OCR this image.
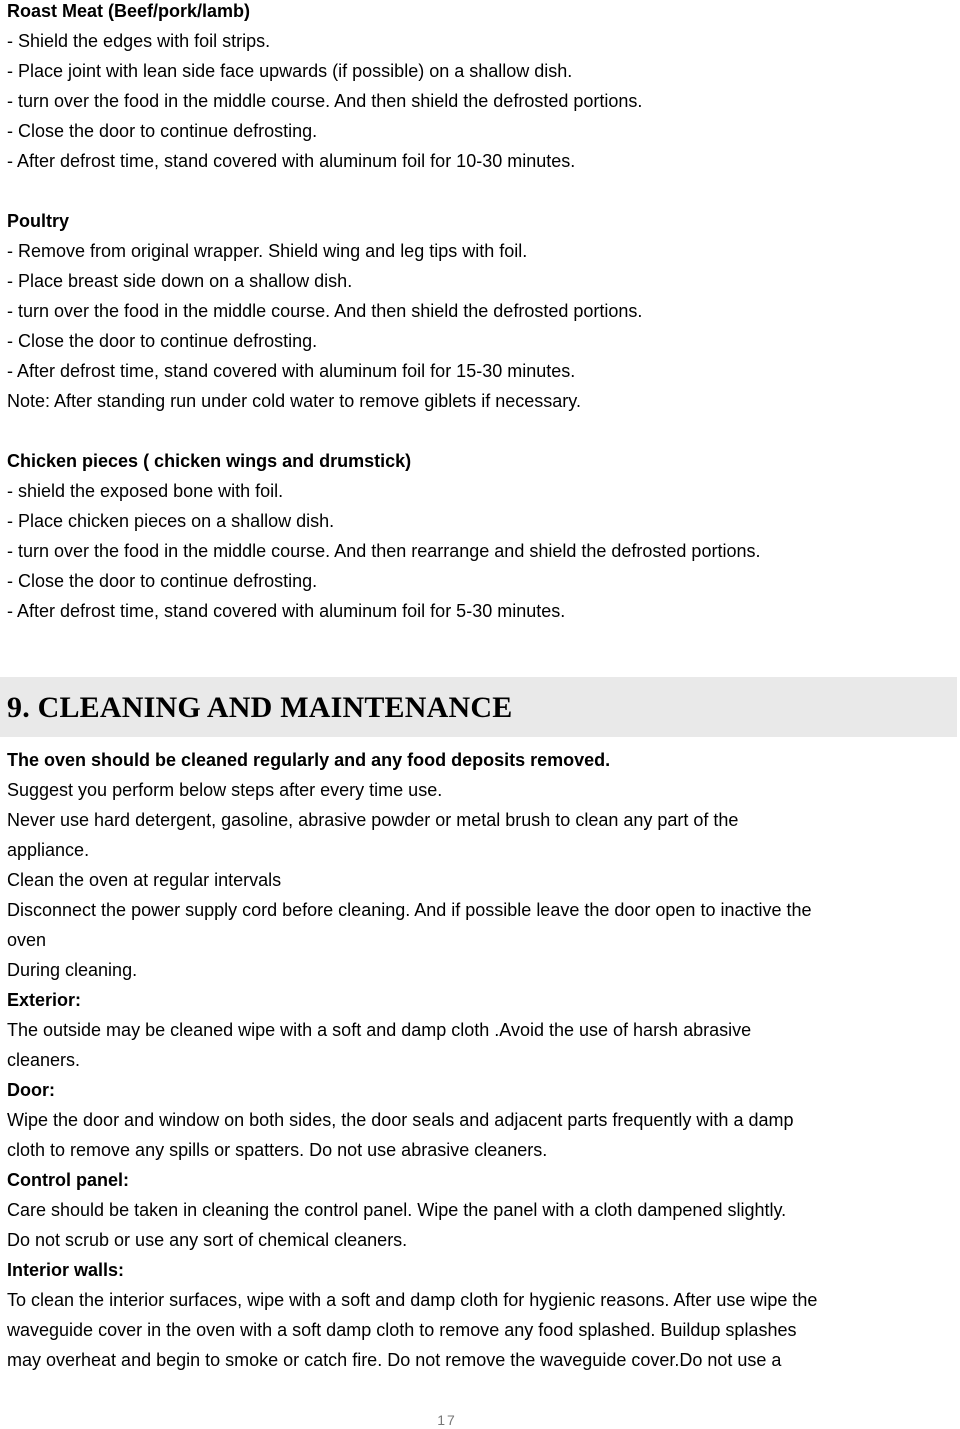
Roast Meat (Beef/pork/lamb)
- Shield the edges with foil strips.
- Place joint with lean side face upwards (if possible) on a shallow dish.
- turn over the food in the middle course. And then shield the defrosted portions.
- Close the door to continue defrosting.
- After defrost time, stand covered with aluminum foil for 10-30 minutes.
Poultry
- Remove from original wrapper. Shield wing and leg tips with foil.
- Place breast side down on a shallow dish.
- turn over the food in the middle course. And then shield the defrosted portions.
- Close the door to continue defrosting.
- After defrost time, stand covered with aluminum foil for 15-30 minutes.
Note: After standing run under cold water to remove giblets if necessary.
Chicken pieces ( chicken wings and drumstick)
- shield the exposed bone with foil.
- Place chicken pieces on a shallow dish.
- turn over the food in the middle course. And then rearrange and shield the defrosted portions.
- Close the door to continue defrosting.
- After defrost time, stand covered with aluminum foil for 5-30 minutes.
9. CLEANING AND MAINTENANCE
The oven should be cleaned regularly and any food deposits removed.
Suggest you perform below steps after every time use.
Never use hard detergent, gasoline, abrasive powder or metal brush to clean any part of the
appliance.
Clean the oven at regular intervals
Disconnect the power supply cord before cleaning. And if possible leave the door open to inactive the
oven
During cleaning.
Exterior:
The outside may be cleaned wipe with a soft and damp cloth .Avoid the use of harsh abrasive
cleaners.
Door:
Wipe the door and window on both sides, the door seals and adjacent parts frequently with a damp
cloth to remove any spills or spatters. Do not use abrasive cleaners.
Control panel:
Care should be taken in cleaning the control panel. Wipe the panel with a cloth dampened slightly.
Do not scrub or use any sort of chemical cleaners.
Interior walls:
To clean the interior surfaces, wipe with a soft and damp cloth for hygienic reasons. After use wipe the
waveguide cover in the oven with a soft damp cloth to remove any food splashed. Buildup splashes
may overheat and begin to smoke or catch fire. Do not remove the waveguide cover.Do not use a
17
